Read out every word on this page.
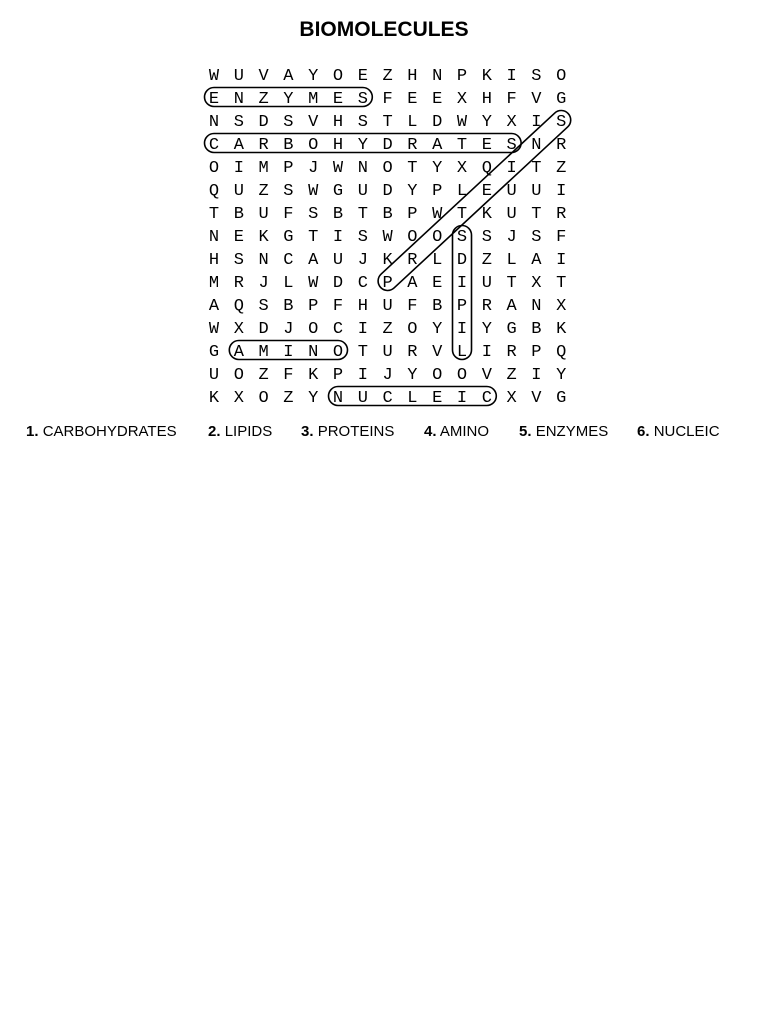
BIOMOLECULES
W U V A Y O E Z H N P K I S O
E N Z Y M E S F E E X H F V G
N S D S V H S T L D W Y X I S
C A R B O H Y D R A T E S N R
O I M P J W N O T Y X Q I T Z
Q U Z S W G U D Y P L E U U I
T B U F S B T B P W T K U T R
N E K G T I S W O O S S J S F
H S N C A U J K R L D Z L A I
M R J L W D C P A E I U T X T
A Q S B P F H U F B P R A N X
W X D J O C I Z O Y I Y G B K
G A M I N O T U R V L I R P Q
U O Z F K P I J Y O O V Z I Y
K X O Z Y N U C L E I C X V G
1. CARBOHYDRATES 2. LIPIDS 3. PROTEINS 4. AMINO 5. ENZYMES 6. NUCLEIC
